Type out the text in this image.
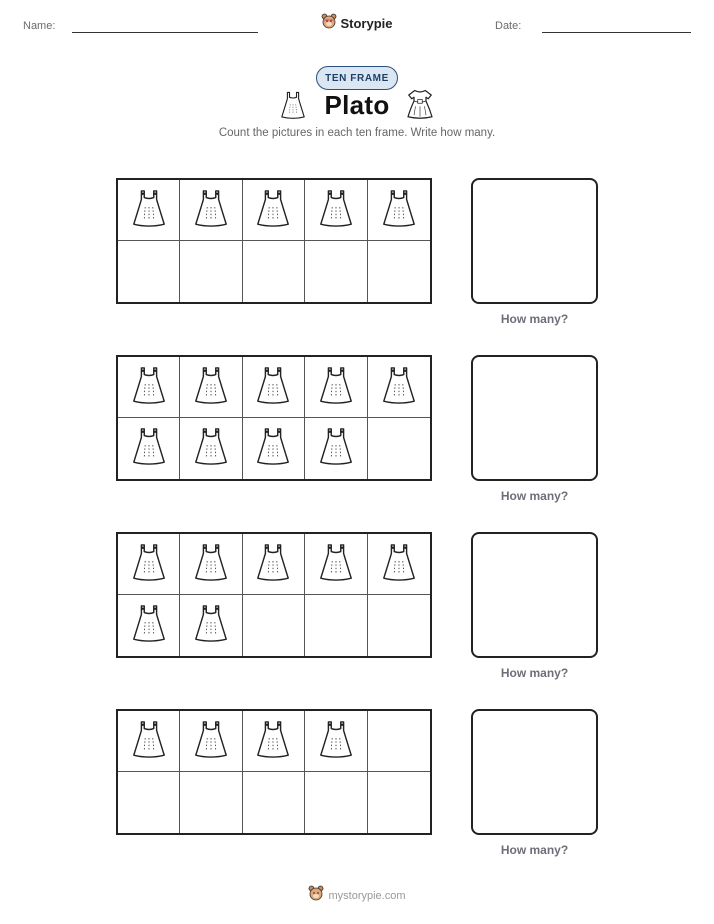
Name:	Storypie	Date:
TEN FRAME
Plato
Count the pictures in each ten frame. Write how many.
How many?
How many?
How many?
How many?
mystorypie.com
